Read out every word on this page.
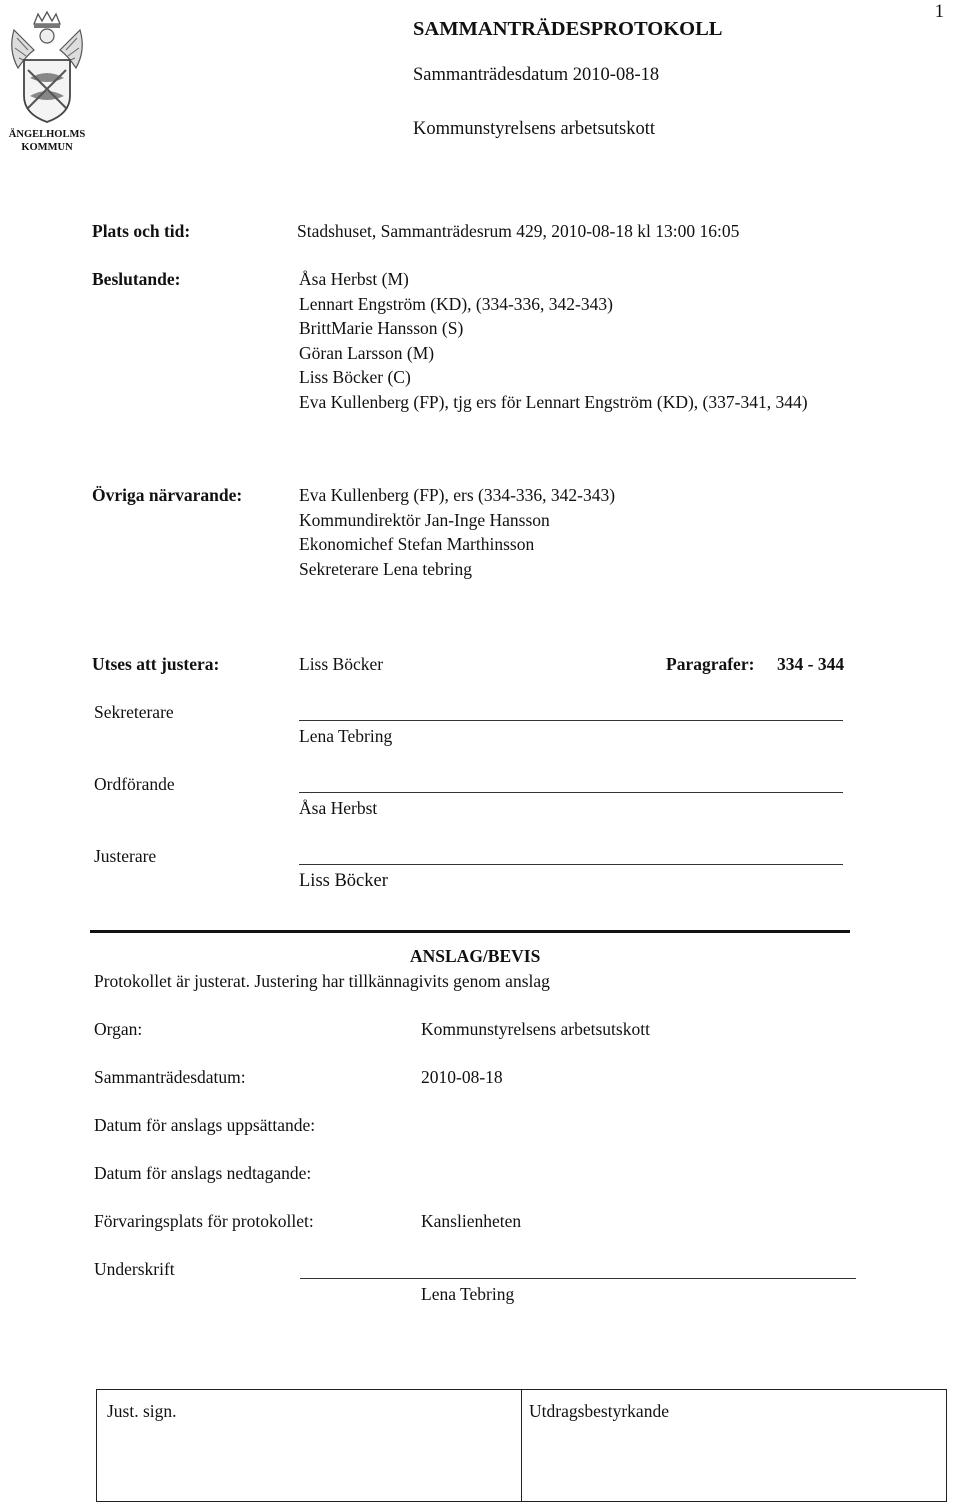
1
ÄNGELHOLMS
KOMMUN
SAMMANTRÄDESPROTOKOLL
Sammanträdesdatum 2010-08-18
Kommunstyrelsens arbetsutskott
Plats och tid:	Stadshuset, Sammanträdesrum 429, 2010-08-18 kl 13:00 16:05
Beslutande:	Åsa Herbst (M)
Lennart Engström (KD), (334-336, 342-343)
BrittMarie Hansson (S)
Göran Larsson (M)
Liss Böcker (C)
Eva Kullenberg (FP), tjg ers för Lennart Engström (KD), (337-341, 344)
Övriga närvarande:	Eva Kullenberg (FP), ers (334-336, 342-343)
Kommundirektör Jan-Inge Hansson
Ekonomichef Stefan Marthinsson
Sekreterare Lena tebring
Utses att justera:	Liss Böcker	Paragrafer: 334 - 344
Sekreterare
Lena Tebring
Ordförande
Åsa Herbst
Justerare
Liss Böcker
ANSLAG/BEVIS
Protokollet är justerat. Justering har tillkännagivits genom anslag
Organ:	Kommunstyrelsens arbetsutskott
Sammanträdesdatum:	2010-08-18
Datum för anslags uppsättande:
Datum för anslags nedtagande:
Förvaringsplats för protokollet:	Kanslienheten
Underskrift
Lena Tebring
Just. sign.	Utdragsbestyrkande
